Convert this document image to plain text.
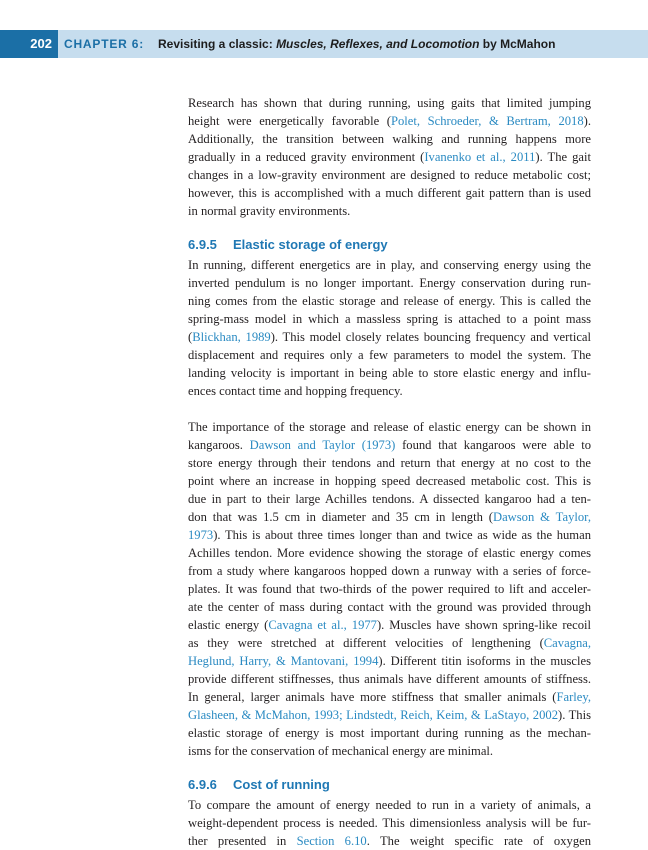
202	CHAPTER 6: Revisiting a classic: Muscles, Reflexes, and Locomotion by McMahon
Research has shown that during running, using gaits that limited jumping
height were energetically favorable (Polet, Schroeder, & Bertram, 2018).
Additionally, the transition between walking and running happens more
gradually in a reduced gravity environment (Ivanenko et al., 2011). The gait
changes in a low-gravity environment are designed to reduce metabolic cost;
however, this is accomplished with a much different gait pattern than is used
in normal gravity environments.
6.9.5 Elastic storage of energy
In running, different energetics are in play, and conserving energy using the
inverted pendulum is no longer important. Energy conservation during run-
ning comes from the elastic storage and release of energy. This is called the
spring-mass model in which a massless spring is attached to a point mass
(Blickhan, 1989). This model closely relates bouncing frequency and vertical
displacement and requires only a few parameters to model the system. The
landing velocity is important in being able to store elastic energy and influ-
ences contact time and hopping frequency.
The importance of the storage and release of elastic energy can be shown in
kangaroos. Dawson and Taylor (1973) found that kangaroos were able to
store energy through their tendons and return that energy at no cost to the
point where an increase in hopping speed decreased metabolic cost. This is
due in part to their large Achilles tendons. A dissected kangaroo had a ten-
don that was 1.5 cm in diameter and 35 cm in length (Dawson & Taylor,
1973). This is about three times longer than and twice as wide as the human
Achilles tendon. More evidence showing the storage of elastic energy comes
from a study where kangaroos hopped down a runway with a series of force-
plates. It was found that two-thirds of the power required to lift and acceler-
ate the center of mass during contact with the ground was provided through
elastic energy (Cavagna et al., 1977). Muscles have shown spring-like recoil
as they were stretched at different velocities of lengthening (Cavagna,
Heglund, Harry, & Mantovani, 1994). Different titin isoforms in the muscles
provide different stiffnesses, thus animals have different amounts of stiffness.
In general, larger animals have more stiffness that smaller animals (Farley,
Glasheen, & McMahon, 1993; Lindstedt, Reich, Keim, & LaStayo, 2002). This
elastic storage of energy is most important during running as the mechan-
isms for the conservation of mechanical energy are minimal.
6.9.6 Cost of running
To compare the amount of energy needed to run in a variety of animals, a
weight-dependent process is needed. This dimensionless analysis will be fur-
ther presented in Section 6.10. The weight specific rate of oxygen
